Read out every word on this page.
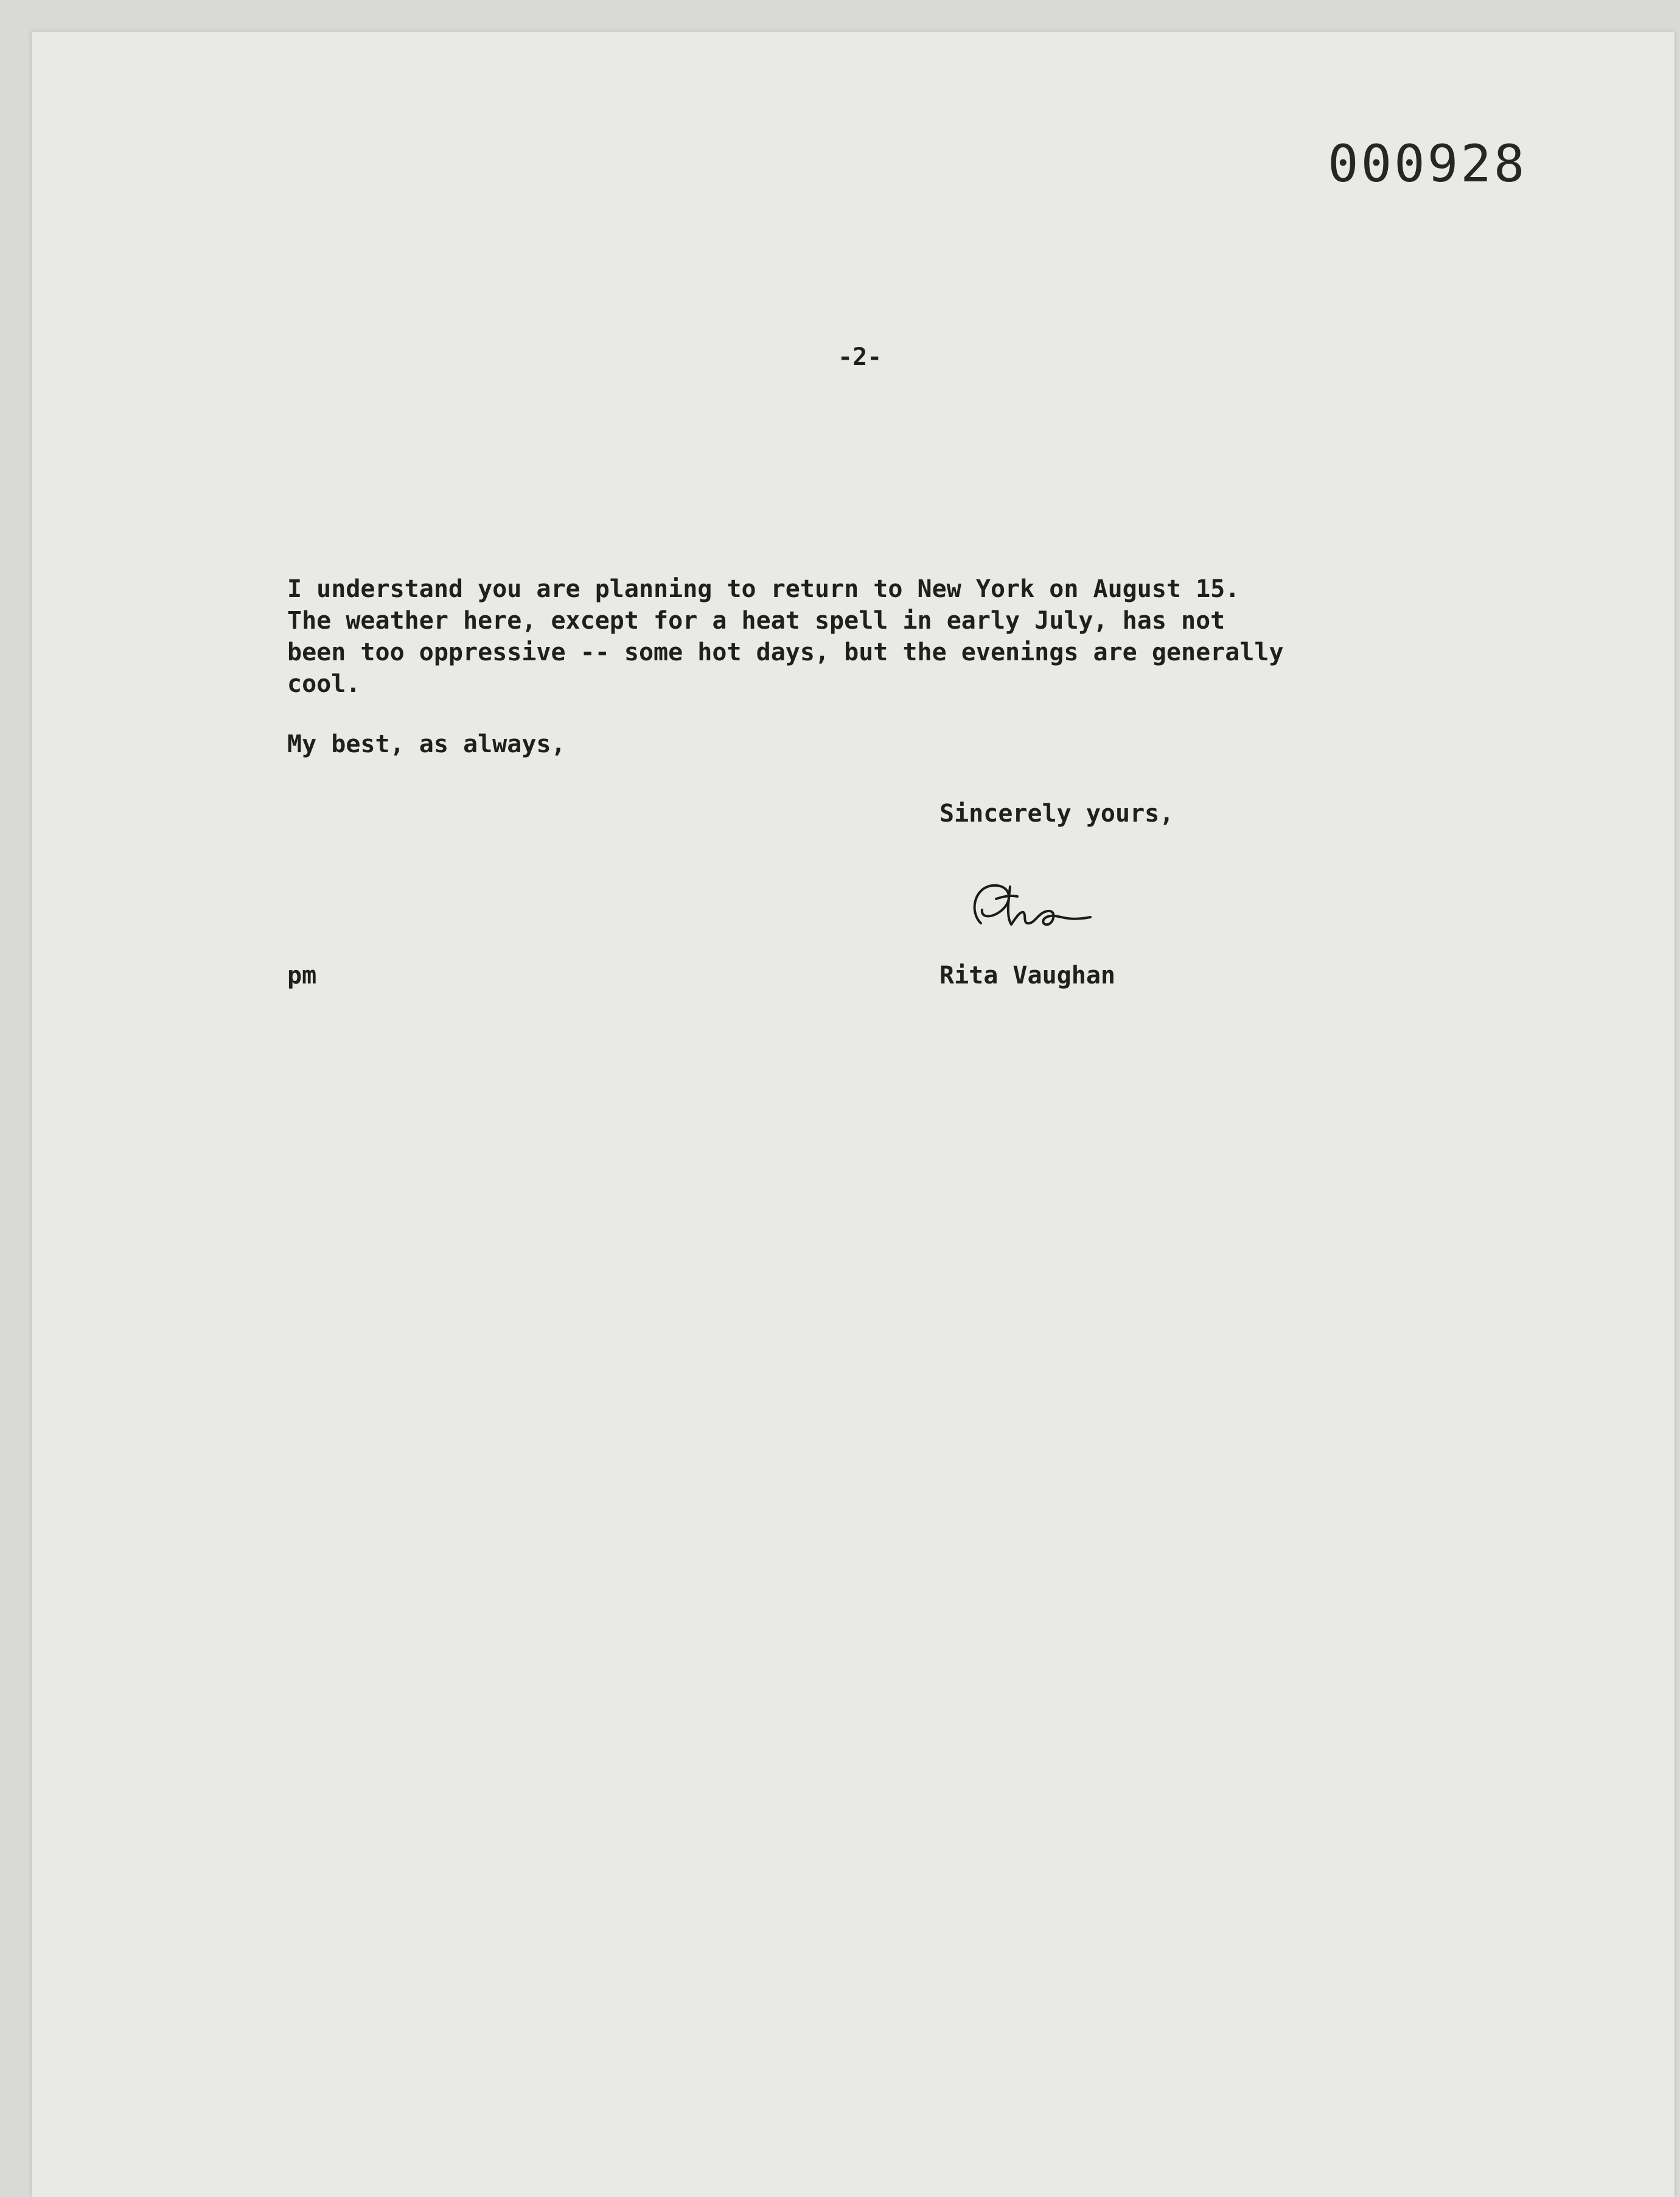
000928
-2-
I understand you are planning to return to New York on August 15.
The weather here, except for a heat spell in early July, has not
been too oppressive -- some hot days, but the evenings are generally
cool.
My best, as always,
Sincerely yours,
pm	Rita Vaughan
